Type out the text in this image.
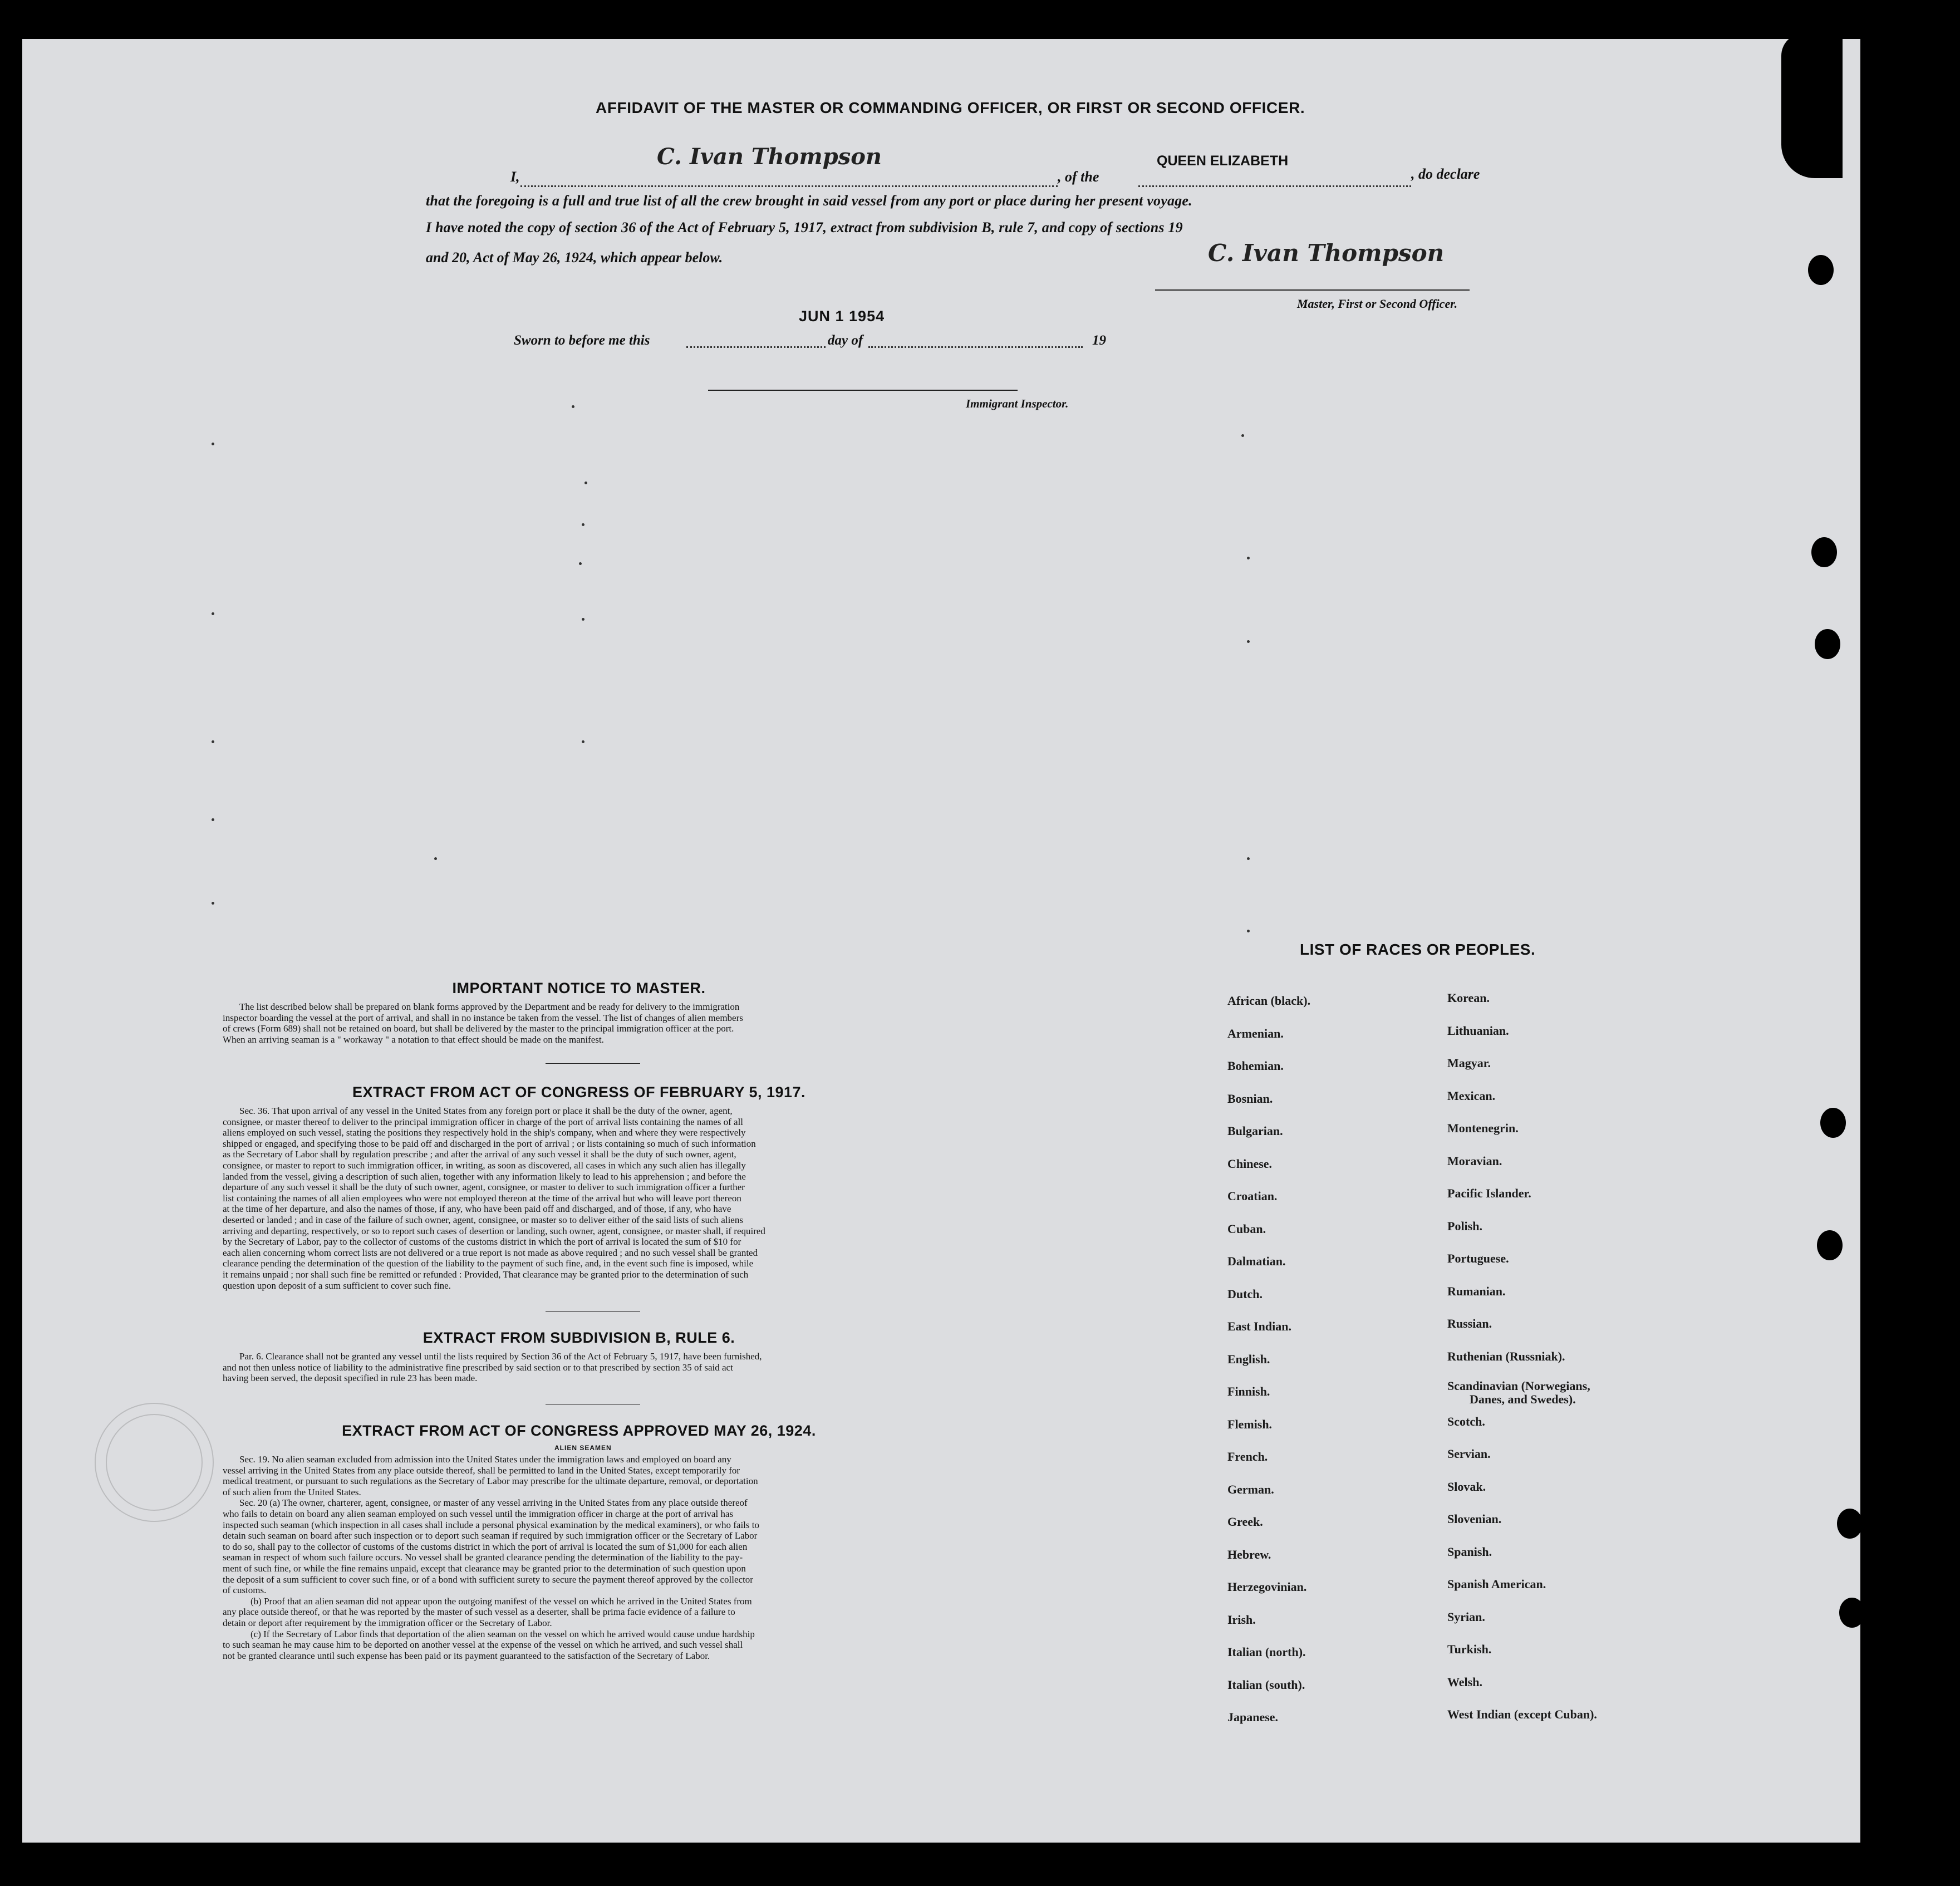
AFFIDAVIT OF THE MASTER OR COMMANDING OFFICER, OR FIRST OR SECOND OFFICER.
I,
C. Ivan Thompson
, of the
QUEEN ELIZABETH
, do declare
that the foregoing is a full and true list of all the crew brought in said vessel from any port or place during her present voyage.
I have noted the copy of section 36 of the Act of February 5, 1917, extract from subdivision B, rule 7, and copy of sections 19
and 20, Act of May 26, 1924, which appear below.	C. Ivan Thompson
Master, First or Second Officer.
JUN 1 1954
Sworn to before me this	day of	19
Immigrant Inspector.
IMPORTANT NOTICE TO MASTER.

The list described below shall be prepared on blank forms approved by the Department and be ready for delivery to the immigration

inspector boarding the vessel at the port of arrival, and shall in no instance be taken from the vessel. The list of changes of alien members

of crews (Form 689) shall not be retained on board, but shall be delivered by the master to the principal immigration officer at the port.

When an arriving seaman is a " workaway " a notation to that effect should be made on the manifest.

EXTRACT FROM ACT OF CONGRESS OF FEBRUARY 5, 1917.

Sec. 36. That upon arrival of any vessel in the United States from any foreign port or place it shall be the duty of the owner, agent,

consignee, or master thereof to deliver to the principal immigration officer in charge of the port of arrival lists containing the names of all

aliens employed on such vessel, stating the positions they respectively hold in the ship's company, when and where they were respectively

shipped or engaged, and specifying those to be paid off and discharged in the port of arrival ; or lists containing so much of such information

as the Secretary of Labor shall by regulation prescribe ; and after the arrival of any such vessel it shall be the duty of such owner, agent,

consignee, or master to report to such immigration officer, in writing, as soon as discovered, all cases in which any such alien has illegally

landed from the vessel, giving a description of such alien, together with any information likely to lead to his apprehension ; and before the

departure of any such vessel it shall be the duty of such owner, agent, consignee, or master to deliver to such immigration officer a further

list containing the names of all alien employees who were not employed thereon at the time of the arrival but who will leave port thereon

at the time of her departure, and also the names of those, if any, who have been paid off and discharged, and of those, if any, who have

deserted or landed ; and in case of the failure of such owner, agent, consignee, or master so to deliver either of the said lists of such aliens

arriving and departing, respectively, or so to report such cases of desertion or landing, such owner, agent, consignee, or master shall, if required

by the Secretary of Labor, pay to the collector of customs of the customs district in which the port of arrival is located the sum of $10 for

each alien concerning whom correct lists are not delivered or a true report is not made as above required ; and no such vessel shall be granted

clearance pending the determination of the question of the liability to the payment of such fine, and, in the event such fine is imposed, while

it remains unpaid ; nor shall such fine be remitted or refunded : Provided, That clearance may be granted prior to the determination of such

question upon deposit of a sum sufficient to cover such fine.

EXTRACT FROM SUBDIVISION B, RULE 6.

Par. 6. Clearance shall not be granted any vessel until the lists required by Section 36 of the Act of February 5, 1917, have been furnished,

and not then unless notice of liability to the administrative fine prescribed by said section or to that prescribed by section 35 of said act

having been served, the deposit specified in rule 23 has been made.

EXTRACT FROM ACT OF CONGRESS APPROVED MAY 26, 1924.
ALIEN SEAMEN

Sec. 19. No alien seaman excluded from admission into the United States under the immigration laws and employed on board any

vessel arriving in the United States from any place outside thereof, shall be permitted to land in the United States, except temporarily for

medical treatment, or pursuant to such regulations as the Secretary of Labor may prescribe for the ultimate departure, removal, or deportation

of such alien from the United States.

Sec. 20 (a) The owner, charterer, agent, consignee, or master of any vessel arriving in the United States from any place outside thereof

who fails to detain on board any alien seaman employed on such vessel until the immigration officer in charge at the port of arrival has

inspected such seaman (which inspection in all cases shall include a personal physical examination by the medical examiners), or who fails to

detain such seaman on board after such inspection or to deport such seaman if required by such immigration officer or the Secretary of Labor

to do so, shall pay to the collector of customs of the customs district in which the port of arrival is located the sum of $1,000 for each alien

seaman in respect of whom such failure occurs. No vessel shall be granted clearance pending the determination of the liability to the pay-

ment of such fine, or while the fine remains unpaid, except that clearance may be granted prior to the determination of such question upon

the deposit of a sum sufficient to cover such fine, or of a bond with sufficient surety to secure the payment thereof approved by the collector

of customs.

(b) Proof that an alien seaman did not appear upon the outgoing manifest of the vessel on which he arrived in the United States from

any place outside thereof, or that he was reported by the master of such vessel as a deserter, shall be prima facie evidence of a failure to

detain or deport after requirement by the immigration officer or the Secretary of Labor.

(c) If the Secretary of Labor finds that deportation of the alien seaman on the vessel on which he arrived would cause undue hardship

to such seaman he may cause him to be deported on another vessel at the expense of the vessel on which he arrived, and such vessel shall

not be granted clearance until such expense has been paid or its payment guaranteed to the satisfaction of the Secretary of Labor.

LIST OF RACES OR PEOPLES.
African (black).
Armenian.
Bohemian.
Bosnian.
Bulgarian.
Chinese.
Croatian.
Cuban.
Dalmatian.
Dutch.
East Indian.
English.
Finnish.
Flemish.
French.
German.
Greek.
Hebrew.
Herzegovinian.
Irish.
Italian (north).
Italian (south).
Japanese.
Korean.
Lithuanian.
Magyar.
Mexican.
Montenegrin.
Moravian.
Pacific Islander.
Polish.
Portuguese.
Rumanian.
Russian.
Ruthenian (Russniak).
Scandinavian (Norwegians,
Danes, and Swedes).
Scotch.
Servian.
Slovak.
Slovenian.
Spanish.
Spanish American.
Syrian.
Turkish.
Welsh.
West Indian (except Cuban).
